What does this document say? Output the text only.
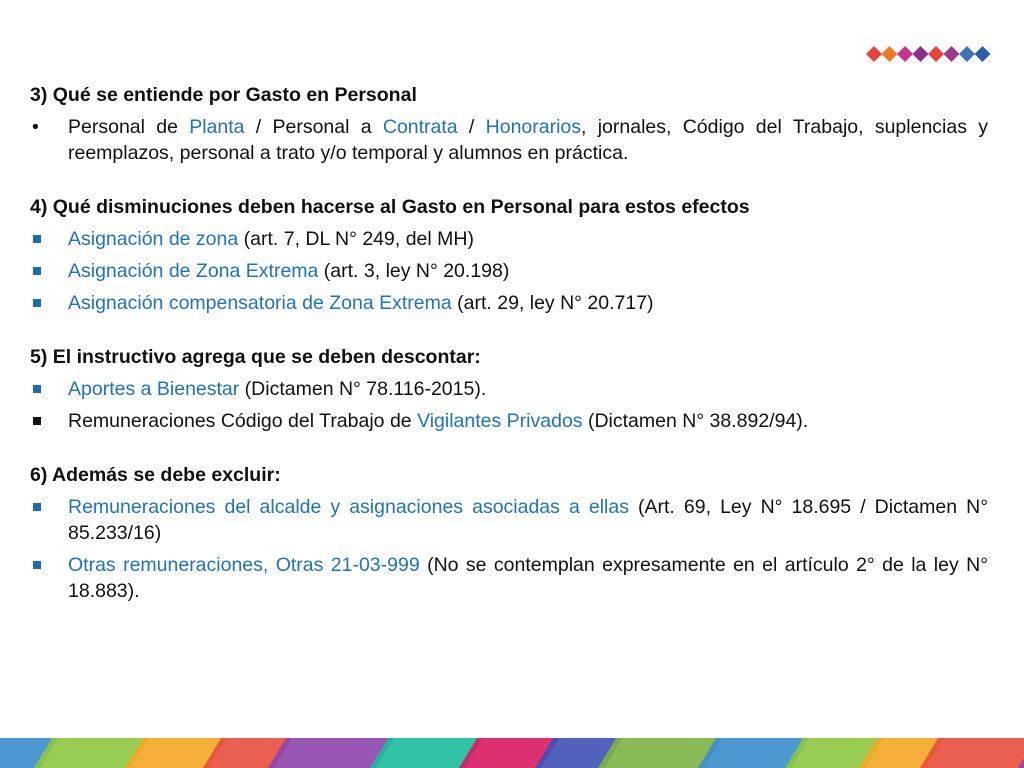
3) Qué se entiende por Gasto en Personal

• Personal de Planta / Personal a Contrata / Honorarios, jornales, Código del Trabajo, suplencias y reemplazos, personal a trato y/o temporal y alumnos en práctica.

4) Qué disminuciones deben hacerse al Gasto en Personal para estos efectos

Asignación de zona (art. 7, DL N° 249, del MH)
Asignación de Zona Extrema (art. 3, ley N° 20.198)
Asignación compensatoria de Zona Extrema (art. 29, ley N° 20.717)

5) El instructivo agrega que se deben descontar:

Aportes a Bienestar (Dictamen N° 78.116-2015).
Remuneraciones Código del Trabajo de Vigilantes Privados (Dictamen N° 38.892/94).

6) Además se debe excluir:

Remuneraciones del alcalde y asignaciones asociadas a ellas (Art. 69, Ley N° 18.695 / Dictamen N° 85.233/16)
Otras remuneraciones, Otras 21-03-999 (No se contemplan expresamente en el artículo 2° de la ley N° 18.883).
